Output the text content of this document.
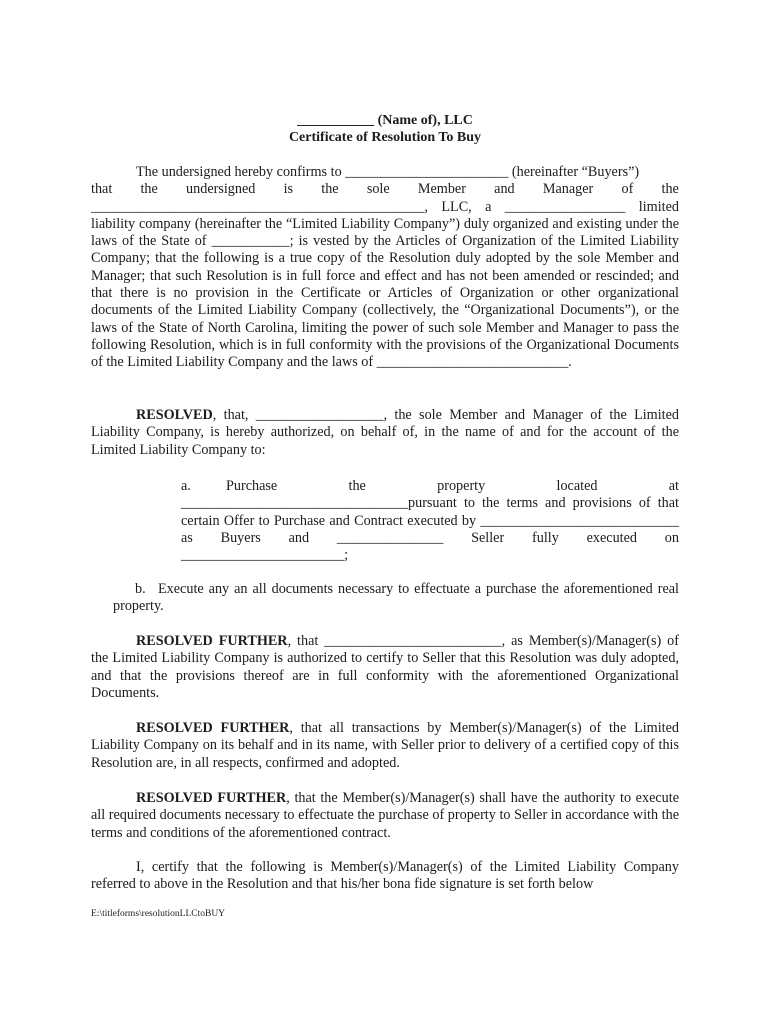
___________ (Name of), LLC
Certificate of Resolution To Buy
The undersigned hereby confirms to _______________________ (hereinafter “Buyers”)
that the undersigned is the sole Member and Manager of the
_______________________________________________, LLC, a _________________ limited liability company (hereinafter the “Limited Liability Company”) duly organized and existing under the laws of the State of ___________; is vested by the Articles of Organization of the Limited Liability Company; that the following is a true copy of the Resolution duly adopted by the sole Member and Manager; that such Resolution is in full force and effect and has not been amended or rescinded; and that there is no provision in the Certificate or Articles of Organization or other organizational documents of the Limited Liability Company (collectively, the “Organizational Documents”), or the laws of the State of North Carolina, limiting the power of such sole Member and Manager to pass the following Resolution, which is in full conformity with the provisions of the Organizational Documents of the Limited Liability Company and the laws of ___________________________.
RESOLVED, that, __________________, the sole Member and Manager of the Limited Liability Company, is hereby authorized, on behalf of, in the name of and for the account of the Limited Liability Company to:
a. Purchase the property located at ________________________________pursuant to the terms and provisions of that certain Offer to Purchase and Contract executed by ____________________________ as Buyers and _______________ Seller fully executed on _______________________;
b. Execute any an all documents necessary to effectuate a purchase the aforementioned real property.
RESOLVED FURTHER, that _________________________, as Member(s)/Manager(s) of the Limited Liability Company is authorized to certify to Seller that this Resolution was duly adopted, and that the provisions thereof are in full conformity with the aforementioned Organizational Documents.
RESOLVED FURTHER, that all transactions by Member(s)/Manager(s) of the Limited Liability Company on its behalf and in its name, with Seller prior to delivery of a certified copy of this Resolution are, in all respects, confirmed and adopted.
RESOLVED FURTHER, that the Member(s)/Manager(s) shall have the authority to execute all required documents necessary to effectuate the purchase of property to Seller in accordance with the terms and conditions of the aforementioned contract.
I, certify that the following is Member(s)/Manager(s) of the Limited Liability Company referred to above in the Resolution and that his/her bona fide signature is set forth below
E:\titleforms\resolutionLLCtoBUY
